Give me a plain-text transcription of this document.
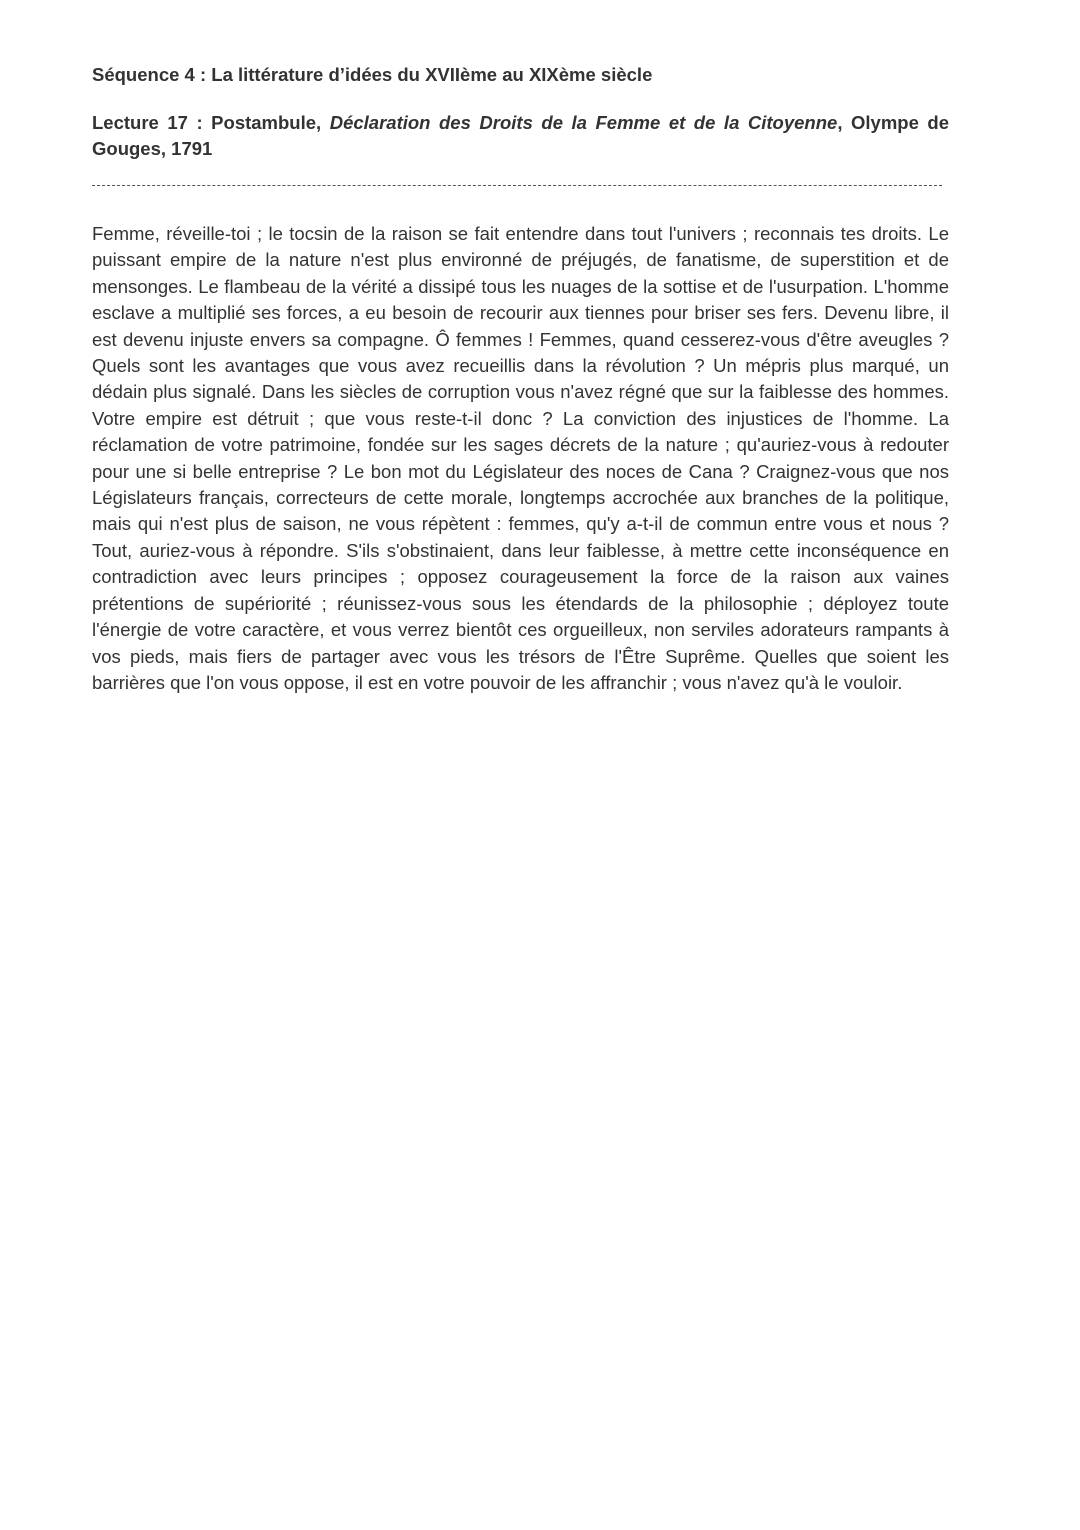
Séquence 4 : La littérature d’idées du XVIIème au XIXème siècle
Lecture 17 : Postambule, Déclaration des Droits de la Femme et de la Citoyenne, Olympe de Gouges, 1791

Femme, réveille-toi ; le tocsin de la raison se fait entendre dans tout l'univers ; reconnais tes droits. Le puissant empire de la nature n'est plus environné de préjugés, de fanatisme, de superstition et de mensonges. Le flambeau de la vérité a dissipé tous les nuages de la sottise et de l'usurpation. L'homme esclave a multiplié ses forces, a eu besoin de recourir aux tiennes pour briser ses fers. Devenu libre, il est devenu injuste envers sa compagne. Ô femmes ! Femmes, quand cesserez-vous d'être aveugles ? Quels sont les avantages que vous avez recueillis dans la révolution ? Un mépris plus marqué, un dédain plus signalé. Dans les siècles de corruption vous n'avez régné que sur la faiblesse des hommes. Votre empire est détruit ; que vous reste-t-il donc ? La conviction des injustices de l'homme. La réclamation de votre patrimoine, fondée sur les sages décrets de la nature ; qu'auriez-vous à redouter pour une si belle entreprise ? Le bon mot du Législateur des noces de Cana ? Craignez-vous que nos Législateurs français, correcteurs de cette morale, longtemps accrochée aux branches de la politique, mais qui n'est plus de saison, ne vous répètent : femmes, qu'y a-t-il de commun entre vous et nous ? Tout, auriez-vous à répondre. S'ils s'obstinaient, dans leur faiblesse, à mettre cette inconséquence en contradiction avec leurs principes ; opposez courageusement la force de la raison aux vaines prétentions de supériorité ; réunissez-vous sous les étendards de la philosophie ; déployez toute l'énergie de votre caractère, et vous verrez bientôt ces orgueilleux, non serviles adorateurs rampants à vos pieds, mais fiers de partager avec vous les trésors de l'Être Suprême. Quelles que soient les barrières que l'on vous oppose, il est en votre pouvoir de les affranchir ; vous n'avez qu'à le vouloir.
